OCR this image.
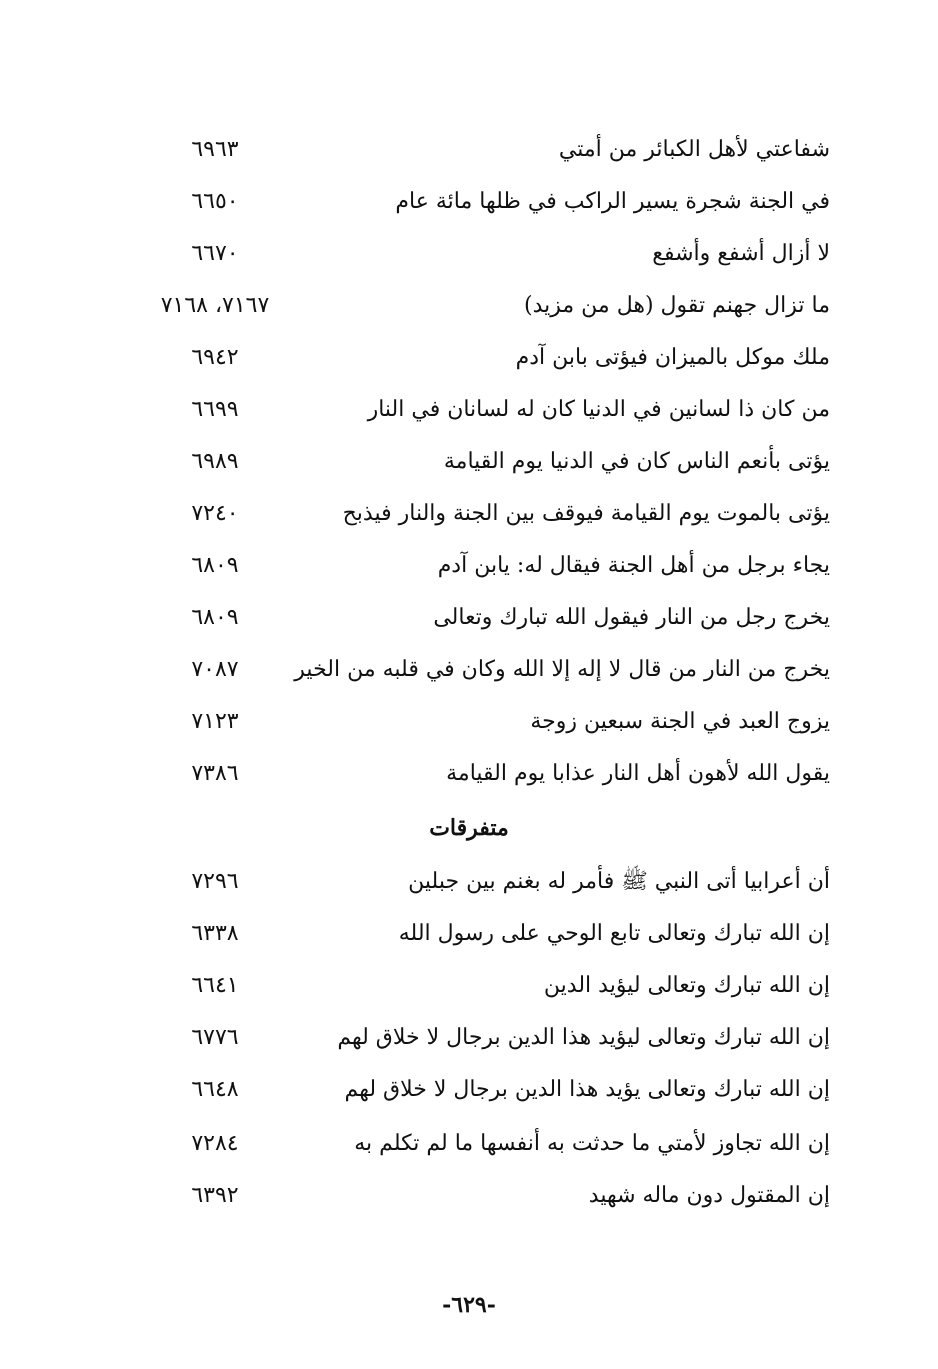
شفاعتي لأهل الكبائر من أمتي
٦٩٦٣
في الجنة شجرة يسير الراكب في ظلها مائة عام
٦٦٥٠
لا أزال أشفع وأشفع
٦٦٧٠
ما تزال جهنم تقول (هل من مزيد)
٧١٦٧، ٧١٦٨
ملك موكل بالميزان فيؤتى بابن آدم
٦٩٤٢
من كان ذا لسانين في الدنيا كان له لسانان في النار
٦٦٩٩
يؤتى بأنعم الناس كان في الدنيا يوم القيامة
٦٩٨٩
يؤتى بالموت يوم القيامة فيوقف بين الجنة والنار فيذبح
٧٢٤٠
يجاء برجل من أهل الجنة فيقال له: يابن آدم
٦٨٠٩
يخرج رجل من النار فيقول الله تبارك وتعالى
٦٨٠٩
يخرج من النار من قال لا إله إلا الله وكان في قلبه من الخير
٧٠٨٧
يزوج العبد في الجنة سبعين زوجة
٧١٢٣
يقول الله لأهون أهل النار عذابا يوم القيامة
٧٣٨٦
متفرقات
أن أعرابيا أتى النبي ﷺ فأمر له بغنم بين جبلين
٧٢٩٦
إن الله تبارك وتعالى تابع الوحي على رسول الله
٦٣٣٨
إن الله تبارك وتعالى ليؤيد الدين
٦٦٤١
إن الله تبارك وتعالى ليؤيد هذا الدين برجال لا خلاق لهم
٦٧٧٦
إن الله تبارك وتعالى يؤيد هذا الدين برجال لا خلاق لهم
٦٦٤٨
إن الله تجاوز لأمتي ما حدثت به أنفسها ما لم تكلم به
٧٢٨٤
إن المقتول دون ماله شهيد
٦٣٩٢
-٦٢٩-
